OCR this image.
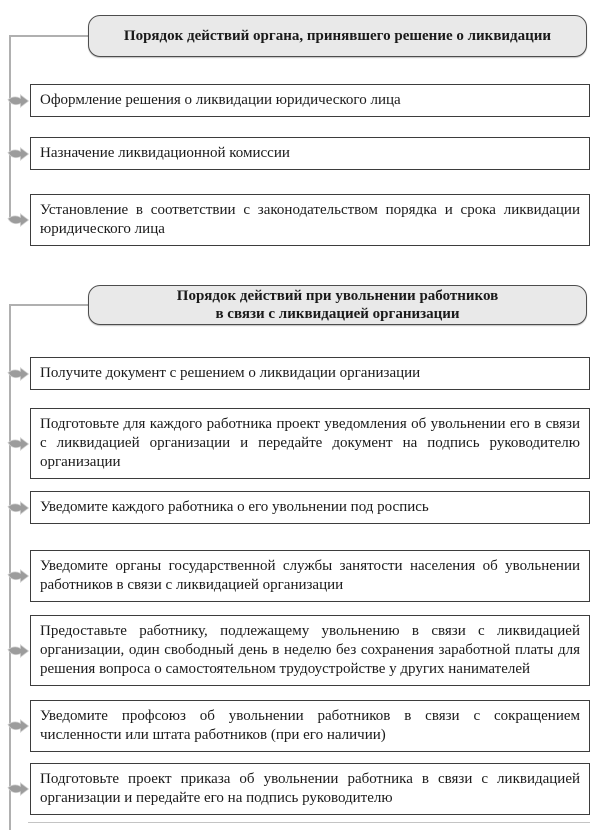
Порядок действий органа, принявшего решение о ликвидации
Оформление решения о ликвидации юридического лица
Назначение ликвидационной комиссии
Установление в соответствии с законодательством порядка и срока ликвидации юридического лица
Порядок действий при увольнении работников
в связи с ликвидацией организации
Получите документ с решением о ликвидации организации
Подготовьте для каждого работника проект уведомления об увольнении его в связи с ликвидацией организации и передайте документ на подпись руководителю организации
Уведомите каждого работника о его увольнении под роспись
Уведомите органы государственной службы занятости населения об увольнении работников в связи с ликвидацией организации
Предоставьте работнику, подлежащему увольнению в связи с ликвидацией организации, один свободный день в неделю без сохранения заработной платы для решения вопроса о самостоятельном трудоустройстве у других нанимателей
Уведомите профсоюз об увольнении работников в связи с сокращением численности или штата работников (при его наличии)
Подготовьте проект приказа об увольнении работника в связи с ликвидацией организации и передайте его на подпись руководителю
